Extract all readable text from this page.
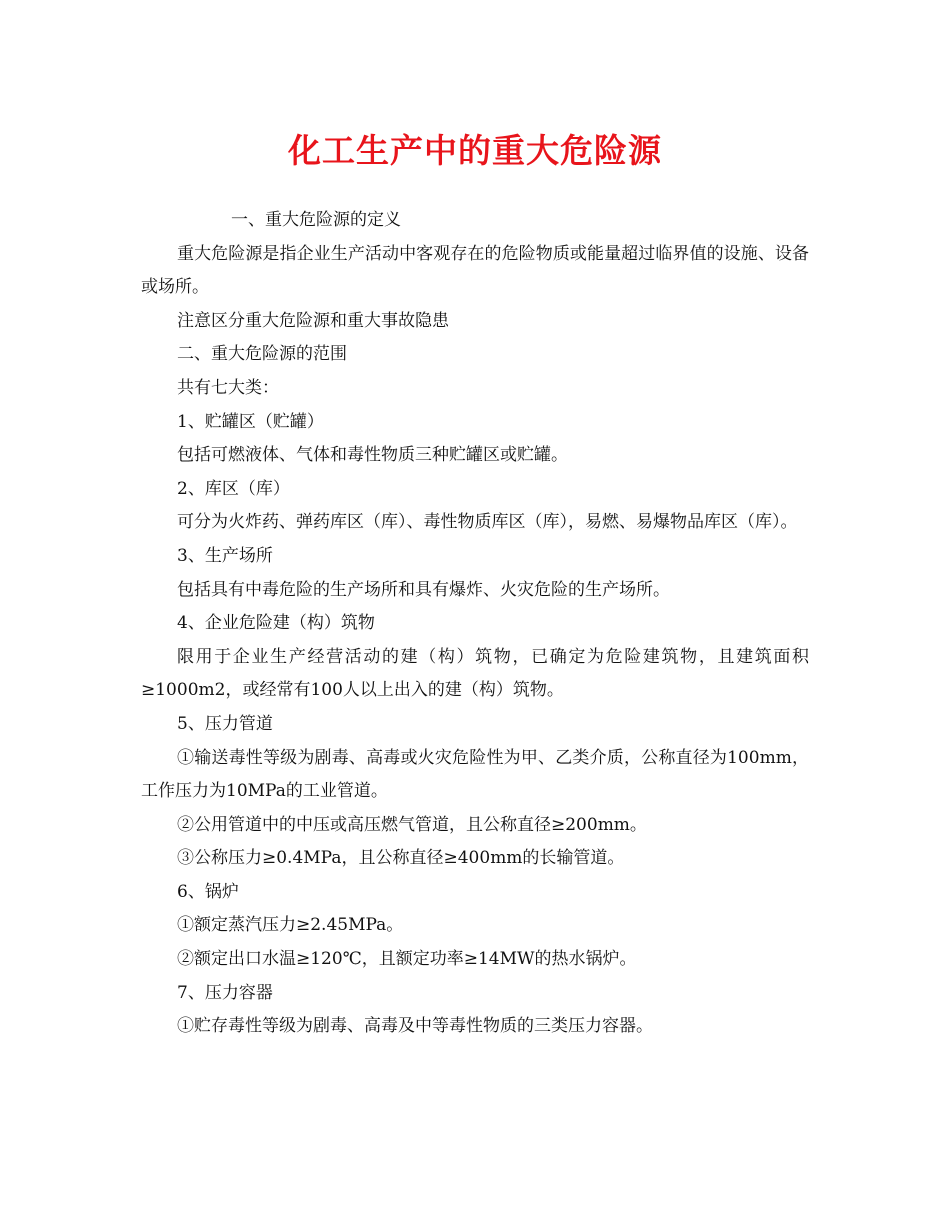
化工生产中的重大危险源

一、重大危险源的定义

重大危险源是指企业生产活动中客观存在的危险物质或能量超过临界值的设施、设备或场所。

注意区分重大危险源和重大事故隐患

二、重大危险源的范围

共有七大类：

1、贮罐区（贮罐）

包括可燃液体、气体和毒性物质三种贮罐区或贮罐。

2、库区（库）

可分为火炸药、弹药库区（库）、毒性物质库区（库），易燃、易爆物品库区（库）。

3、生产场所

包括具有中毒危险的生产场所和具有爆炸、火灾危险的生产场所。

4、企业危险建（构）筑物

限用于企业生产经营活动的建（构）筑物，已确定为危险建筑物，且建筑面积≥1000m2，或经常有100人以上出入的建（构）筑物。

5、压力管道

①输送毒性等级为剧毒、高毒或火灾危险性为甲、乙类介质，公称直径为100mm，工作压力为10MPa的工业管道。

②公用管道中的中压或高压燃气管道，且公称直径≥200mm。

③公称压力≥0.4MPa，且公称直径≥400mm的长输管道。

6、锅炉

①额定蒸汽压力≥2.45MPa。

②额定出口水温≥120℃，且额定功率≥14MW的热水锅炉。

7、压力容器

①贮存毒性等级为剧毒、高毒及中等毒性物质的三类压力容器。
